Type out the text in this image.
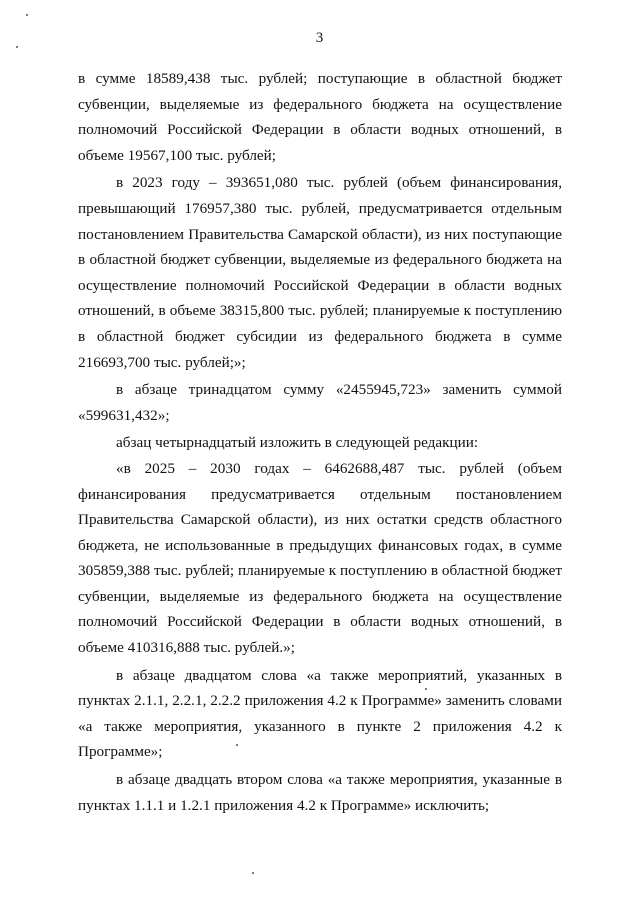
3

в сумме 18589,438 тыс. рублей; поступающие в областной бюджет субвенции, выделяемые из федерального бюджета на осуществление полномочий Российской Федерации в области водных отношений, в объеме 19567,100 тыс. рублей;

в 2023 году – 393651,080 тыс. рублей (объем финансирования, превышающий 176957,380 тыс. рублей, предусматривается отдельным постановлением Правительства Самарской области), из них поступающие в областной бюджет субвенции, выделяемые из федерального бюджета на осуществление полномочий Российской Федерации в области водных отношений, в объеме 38315,800 тыс. рублей; планируемые к поступлению в областной бюджет субсидии из федерального бюджета в сумме 216693,700 тыс. рублей;»;

в абзаце тринадцатом сумму «2455945,723» заменить суммой «599631,432»;

абзац четырнадцатый изложить в следующей редакции:

«в 2025 – 2030 годах – 6462688,487 тыс. рублей (объем финансирования предусматривается отдельным постановлением Правительства Самарской области), из них остатки средств областного бюджета, не использованные в предыдущих финансовых годах, в сумме 305859,388 тыс. рублей; планируемые к поступлению в областной бюджет субвенции, выделяемые из федерального бюджета на осуществление полномочий Российской Федерации в области водных отношений, в объеме 410316,888 тыс. рублей.»;

в абзаце двадцатом слова «а также мероприятий, указанных в пунктах 2.1.1, 2.2.1, 2.2.2 приложения 4.2 к Программе» заменить словами «а также мероприятия, указанного в пункте 2 приложения 4.2 к Программе»;

в абзаце двадцать втором слова «а также мероприятия, указанные в пунктах 1.1.1 и 1.2.1 приложения 4.2 к Программе» исключить;
